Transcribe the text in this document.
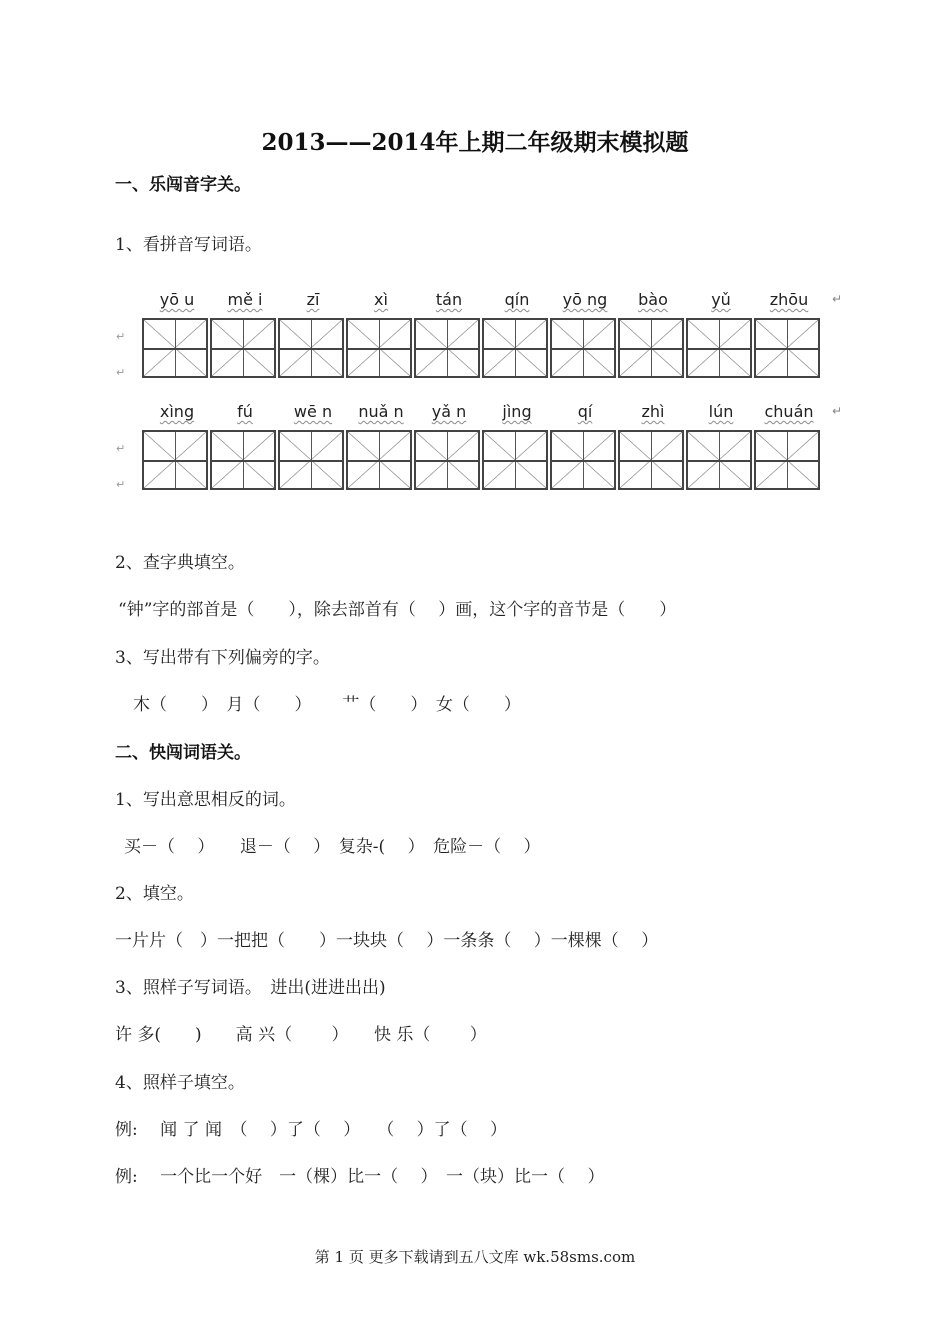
2013——2014年上期二年级期末模拟题
一、乐闯音字关。
1、看拼音写词语。
yō u	mě i	zī	xì	tán	qín	yō ng	bào	yǔ	zhōu	↵
↵
↵
xìng	fú	wē n	nuǎ n	yǎ n	jìng	qí	zhì	lún	chuán	↵
↵
↵
2、查字典填空。
“钟”字的部首是（　　），除去部首有（　 ）画，这个字的音节是（　　）
3、写出带有下列偏旁的字。
木（　　）　月（　　）　　 艹（　　）　女（　　）
二、快闯词语关。
1、写出意思相反的词。
买－（　 ）　　退－（　 ）　复杂-(　 ）　危险－（　 ）
2、填空。
一片片（　）一把把（　　）一块块（　 ）一条条（　 ）一棵棵（　 ）
3、照样子写词语。　进出(进进出出)
许 多(　　)　　高 兴（　　 ）　　快 乐（　　 ）
4、照样子填空。
例:　 闻 了 闻　（　 ）了（　 ）　　（　 ）了（　 ）
例:　 一个比一个好　一（棵）比一（　 ）　一（块）比一（　 ）
第 1 页 更多下载请到五八文库 wk.58sms.com
